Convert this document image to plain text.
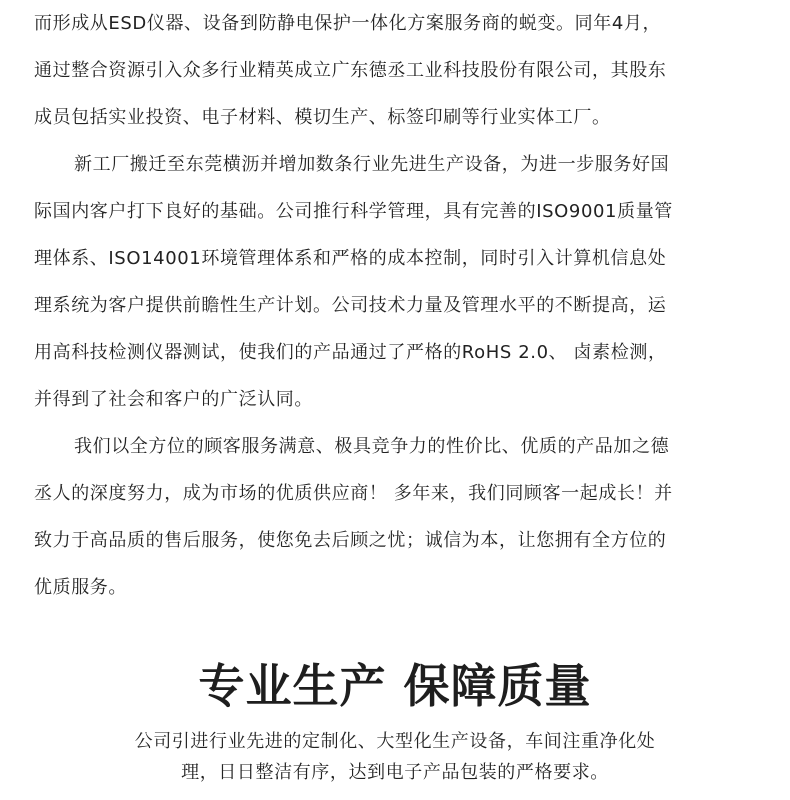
而形成从ESD仪器、设备到防静电保护一体化方案服务商的蜕变。同年4月，
通过整合资源引入众多行业精英成立广东德丞工业科技股份有限公司，其股东
成员包括实业投资、电子材料、模切生产、标签印刷等行业实体工厂。

新工厂搬迁至东莞横沥并增加数条行业先进生产设备，为进一步服务好国
际国内客户打下良好的基础。公司推行科学管理，具有完善的ISO9001质量管
理体系、ISO14001环境管理体系和严格的成本控制，同时引入计算机信息处
理系统为客户提供前瞻性生产计划。公司技术力量及管理水平的不断提高，运
用高科技检测仪器测试，使我们的产品通过了严格的RoHS 2.0、 卤素检测，
并得到了社会和客户的广泛认同。

我们以全方位的顾客服务满意、极具竞争力的性价比、优质的产品加之德
丞人的深度努力，成为市场的优质供应商！ 多年来，我们同顾客一起成长！并
致力于高品质的售后服务，使您免去后顾之忧；诚信为本，让您拥有全方位的
优质服务。

专业生产 保障质量
公司引进行业先进的定制化、大型化生产设备，车间注重净化处
理，日日整洁有序，达到电子产品包装的严格要求。
